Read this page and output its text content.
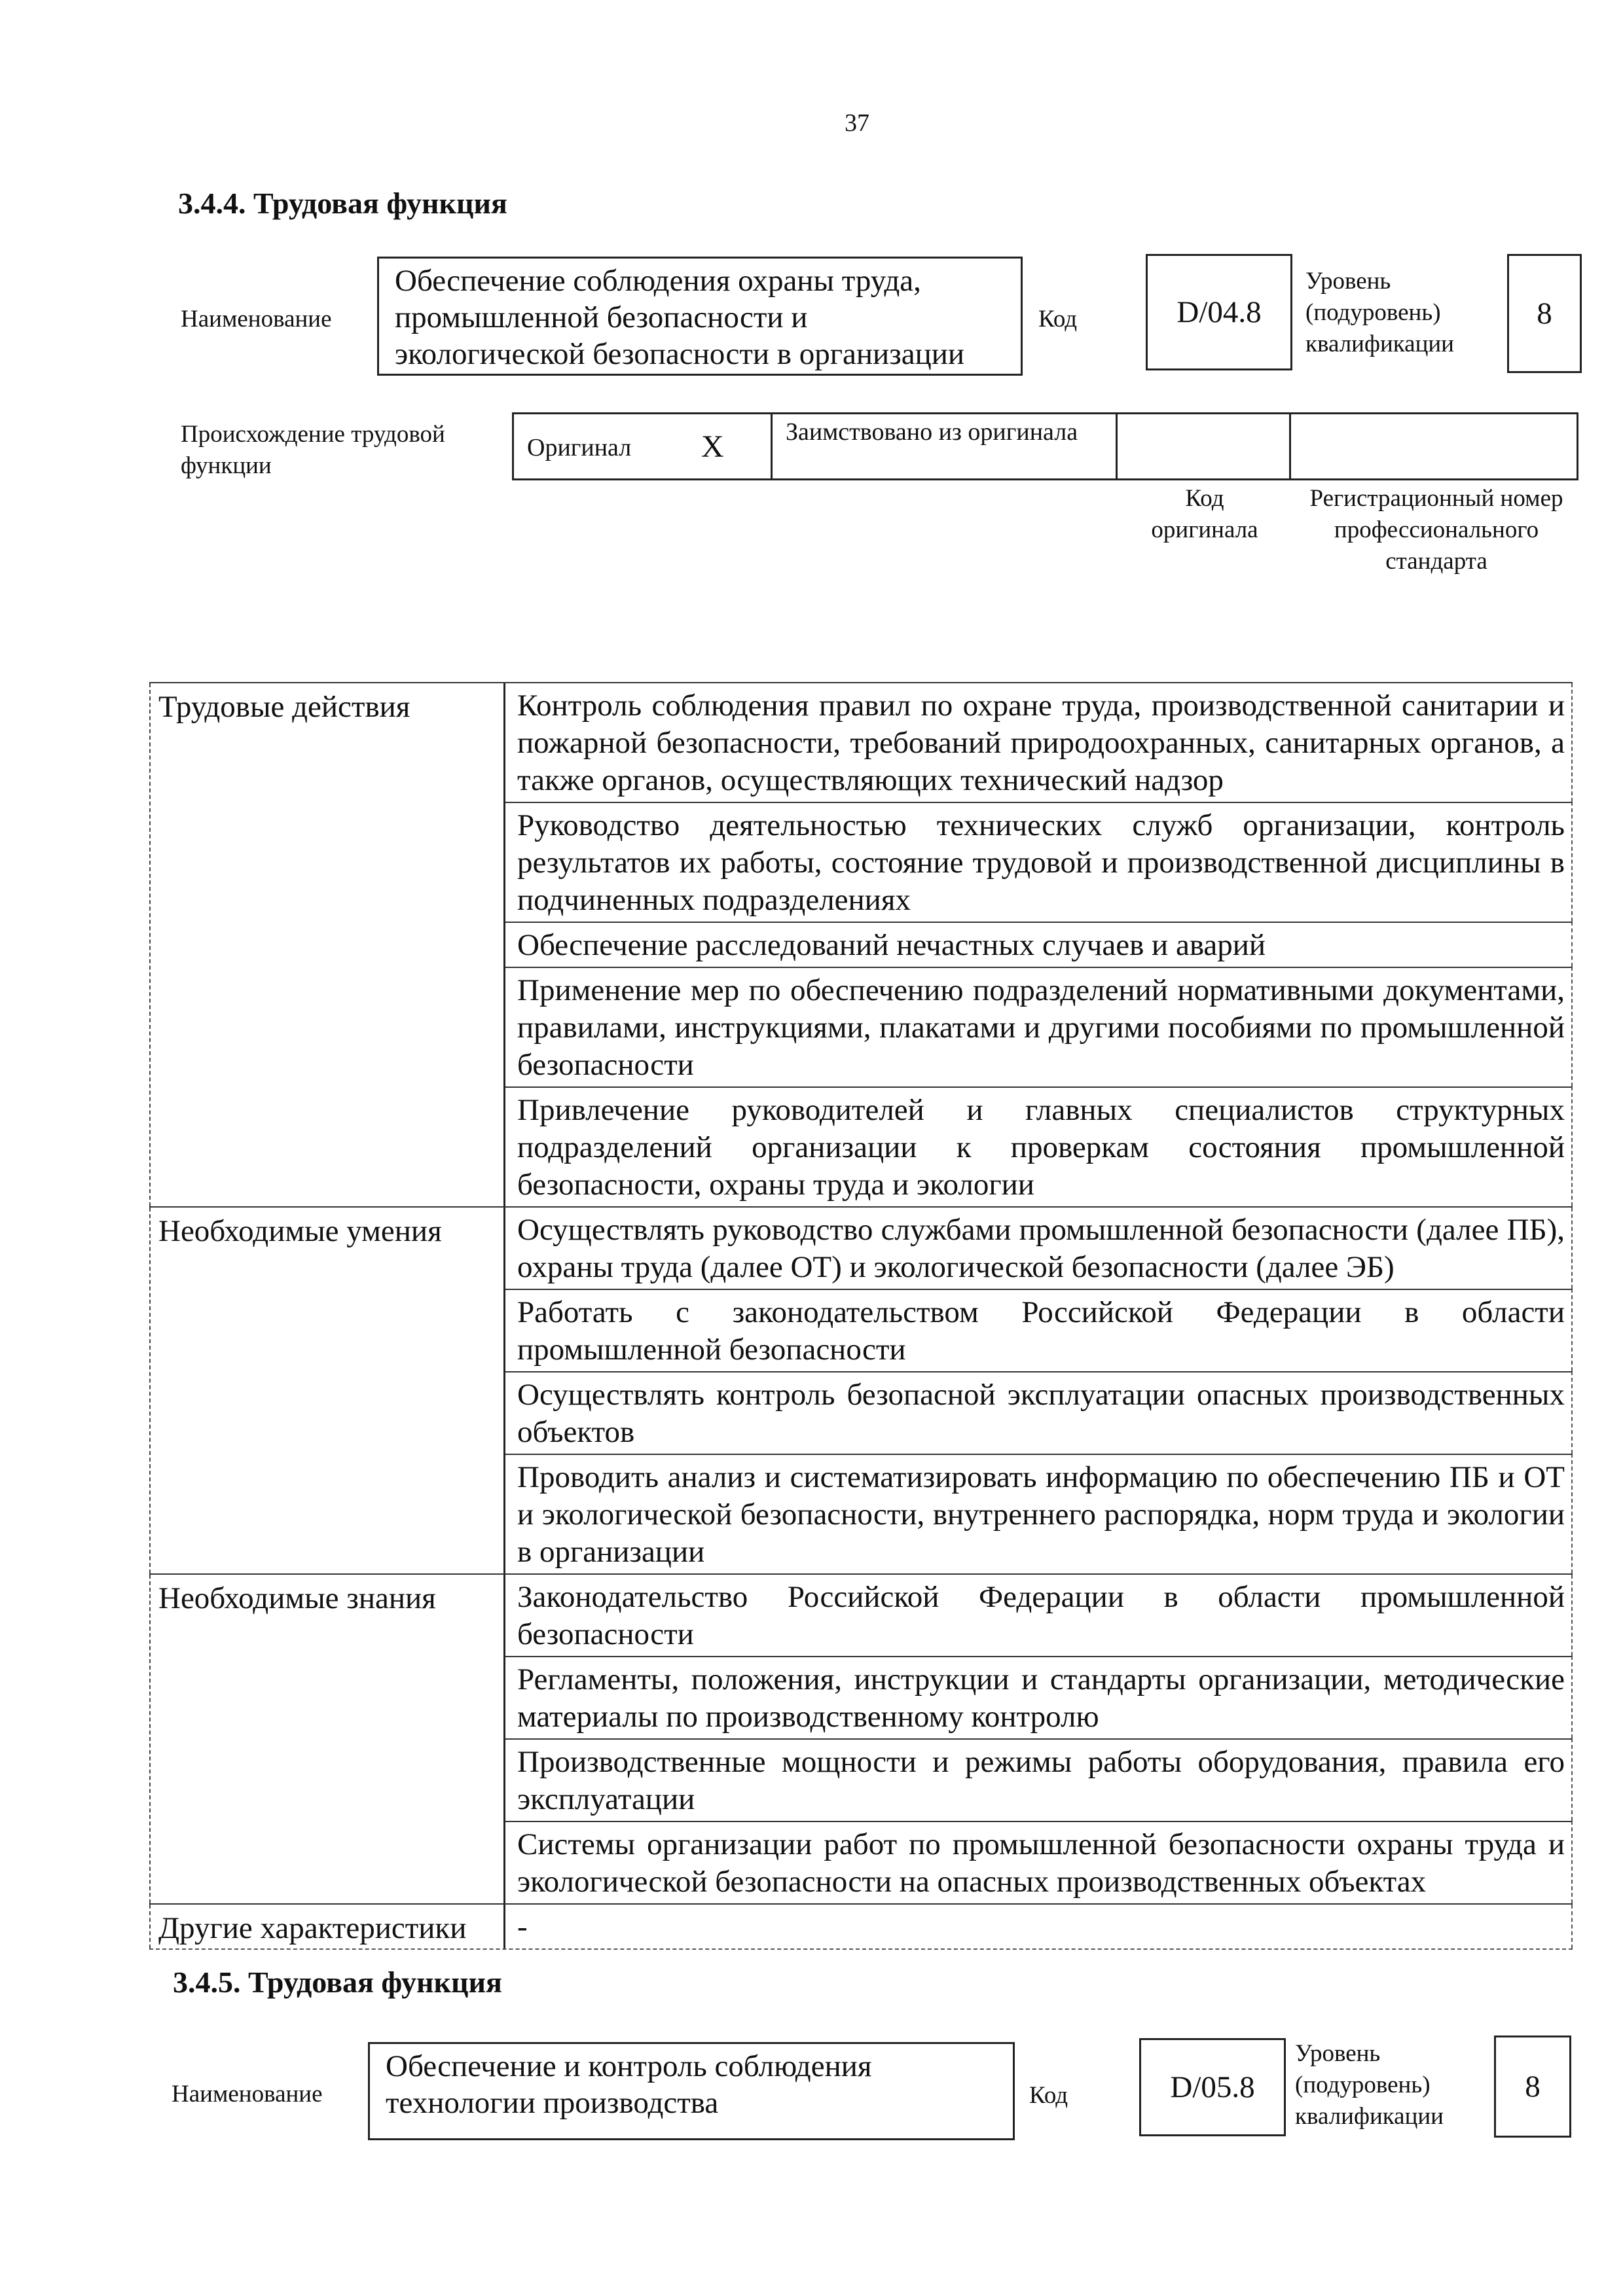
37
3.4.4. Трудовая функция
Наименование
Обеспечение соблюдения охраны труда, промышленной безопасности и экологической безопасности в организации
Код	D/04.8
Уровень (подуровень) квалификации
8
Происхождение трудовой функции
Оригинал X Заимствовано из оригинала
Код оригинала
Регистрационный номер профессионального стандарта
Трудовые действия	Контроль соблюдения правил по охране труда, производственной санитарии и пожарной безопасности, требований природоохранных, санитарных органов, а также органов, осуществляющих технический надзор
Руководство деятельностью технических служб организации, контроль результатов их работы, состояние трудовой и производственной дисциплины в подчиненных подразделениях
Обеспечение расследований нечастных случаев и аварий
Применение мер по обеспечению подразделений нормативными документами, правилами, инструкциями, плакатами и другими пособиями по промышленной безопасности
Привлечение руководителей и главных специалистов структурных подразделений организации к проверкам состояния промышленной безопасности, охраны труда и экологии
Необходимые умения	Осуществлять руководство службами промышленной безопасности (далее ПБ), охраны труда (далее ОТ) и экологической безопасности (далее ЭБ)
Работать с законодательством Российской Федерации в области промышленной безопасности
Осуществлять контроль безопасной эксплуатации опасных производственных объектов
Проводить анализ и систематизировать информацию по обеспечению ПБ и ОТ и экологической безопасности, внутреннего распорядка, норм труда и экологии в организации
Необходимые знания	Законодательство Российской Федерации в области промышленной безопасности
Регламенты, положения, инструкции и стандарты организации, методические материалы по производственному контролю
Производственные мощности и режимы работы оборудования, правила его эксплуатации
Системы организации работ по промышленной безопасности охраны труда и экологической безопасности на опасных производственных объектах
Другие характеристики	-
3.4.5. Трудовая функция
Наименование
Обеспечение и контроль соблюдения технологии производства	Код	D/05.8
Уровень (подуровень) квалификации
8
